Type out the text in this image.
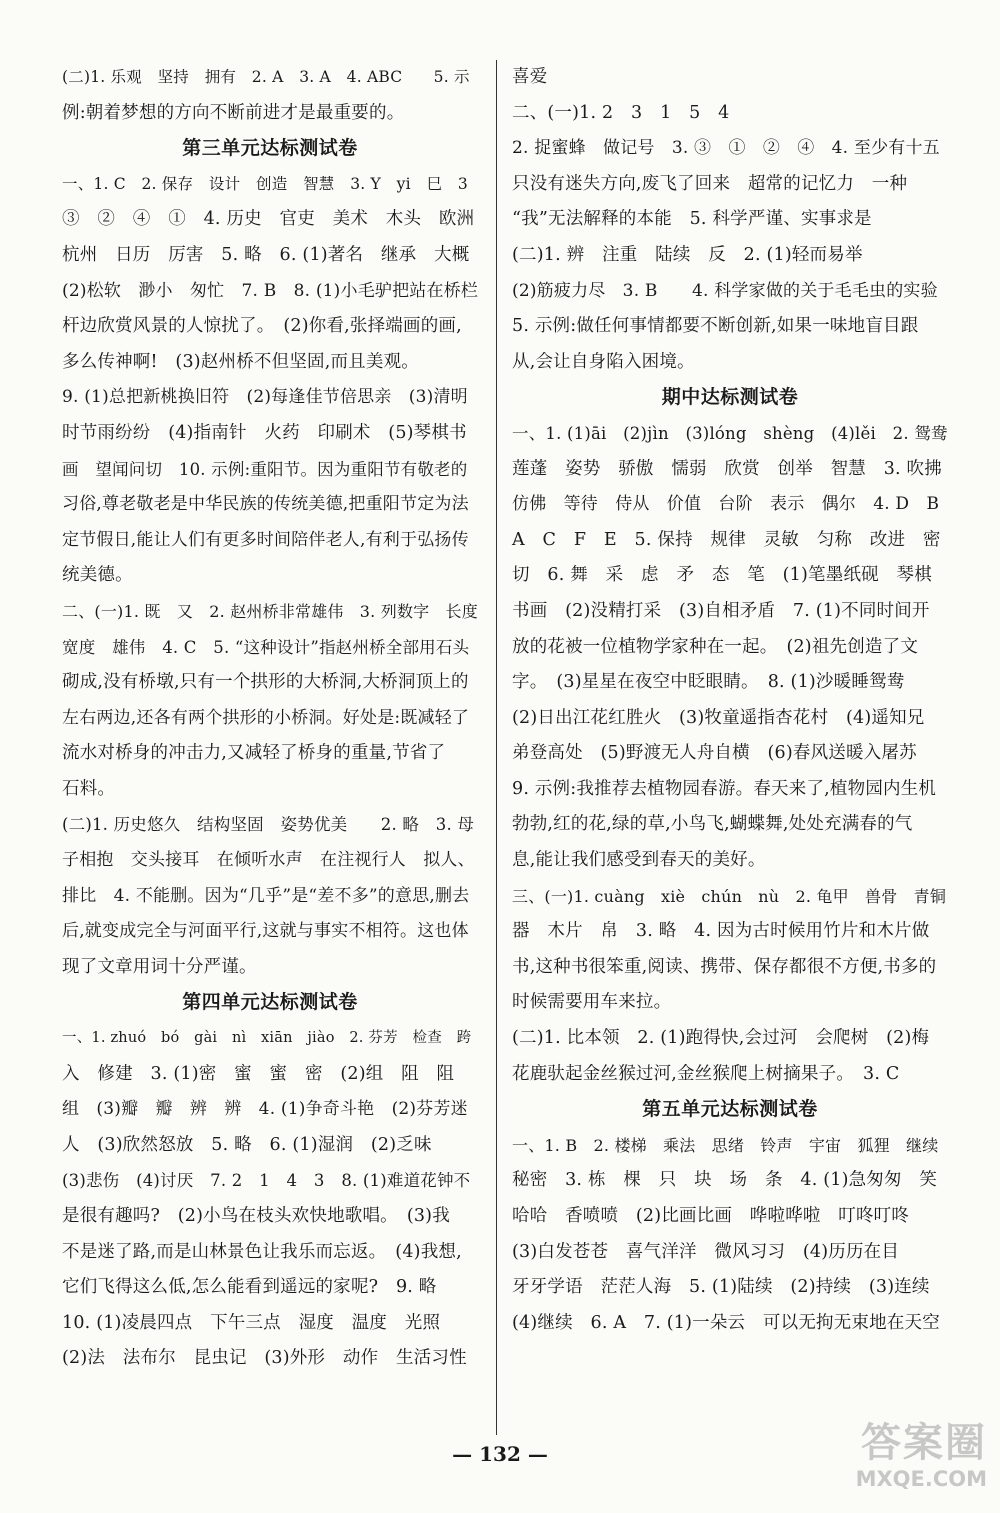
(二)1. 乐观　坚持　拥有　2. A　3. A　4. ABC　　5. 示
例:朝着梦想的方向不断前进才是最重要的。
第三单元达标测试卷
一、1. C　2. 保存　设计　创造　智慧　3. Y　yi　巳　3
③　②　④　①　4. 历史　官吏　美术　木头　欧洲
杭州　日历　厉害　5. 略　6. (1)著名　继承　大概
(2)松软　渺小　匆忙　7. B　8. (1)小毛驴把站在桥栏
杆边欣赏风景的人惊扰了。　(2)你看,张择端画的画,
多么传神啊!　(3)赵州桥不但坚固,而且美观。
9. (1)总把新桃换旧符　(2)每逢佳节倍思亲　(3)清明
时节雨纷纷　(4)指南针　火药　印刷术　(5)琴棋书
画　望闻问切　10. 示例:重阳节。因为重阳节有敬老的
习俗,尊老敬老是中华民族的传统美德,把重阳节定为法
定节假日,能让人们有更多时间陪伴老人,有利于弘扬传
统美德。
二、(一)1. 既　又　2. 赵州桥非常雄伟　3. 列数字　长度
宽度　雄伟　4. C　5. “这种设计”指赵州桥全部用石头
砌成,没有桥墩,只有一个拱形的大桥洞,大桥洞顶上的
左右两边,还各有两个拱形的小桥洞。好处是:既减轻了
流水对桥身的冲击力,又减轻了桥身的重量,节省了
石料。
(二)1. 历史悠久　结构坚固　姿势优美　　2. 略　3. 母
子相抱　交头接耳　在倾听水声　在注视行人　拟人、
排比　4. 不能删。因为“几乎”是“差不多”的意思,删去
后,就变成完全与河面平行,这就与事实不相符。这也体
现了文章用词十分严谨。
第四单元达标测试卷
一、1. zhuó　bó　gài　nì　xiān　jiào　2. 芬芳　检查　跨
入　修建　3. (1)密　蜜　蜜　密　(2)组　阻　阻
组　(3)瓣　瓣　辨　辨　4. (1)争奇斗艳　(2)芬芳迷
人　(3)欣然怒放　5. 略　6. (1)湿润　(2)乏味
(3)悲伤　(4)讨厌　7. 2　1　4　3　8. (1)难道花钟不
是很有趣吗?　(2)小鸟在枝头欢快地歌唱。　(3)我
不是迷了路,而是山林景色让我乐而忘返。　(4)我想,
它们飞得这么低,怎么能看到遥远的家呢?　9. 略
10. (1)凌晨四点　下午三点　湿度　温度　光照
(2)法　法布尔　昆虫记　(3)外形　动作　生活习性
喜爱
二、(一)1. 2　3　1　5　4
2. 捉蜜蜂　做记号　3. ③　①　②　④　4. 至少有十五
只没有迷失方向,废飞了回来　超常的记忆力　一种
“我”无法解释的本能　5. 科学严谨、实事求是
(二)1. 辨　注重　陆续　反　2. (1)轻而易举
(2)筋疲力尽　3. B　　4. 科学家做的关于毛毛虫的实验
5. 示例:做任何事情都要不断创新,如果一味地盲目跟
从,会让自身陷入困境。
期中达标测试卷
一、1. (1)āi　(2)jìn　(3)lóng　shèng　(4)lěi　2. 鸳鸯
莲蓬　姿势　骄傲　懦弱　欣赏　创举　智慧　3. 吹拂
仿佛　等待　侍从　价值　台阶　表示　偶尔　4. D　B
A　C　F　E　5. 保持　规律　灵敏　匀称　改进　密
切　6. 舞　采　虑　矛　态　笔　(1)笔墨纸砚　琴棋
书画　(2)没精打采　(3)自相矛盾　7. (1)不同时间开
放的花被一位植物学家种在一起。　(2)祖先创造了文
字。　(3)星星在夜空中眨眼睛。　8. (1)沙暖睡鸳鸯
(2)日出江花红胜火　(3)牧童遥指杏花村　(4)遥知兄
弟登高处　(5)野渡无人舟自横　(6)春风送暖入屠苏
9. 示例:我推荐去植物园春游。春天来了,植物园内生机
勃勃,红的花,绿的草,小鸟飞,蝴蝶舞,处处充满春的气
息,能让我们感受到春天的美好。
三、(一)1. cuàng　xiè　chún　nù　2. 龟甲　兽骨　青铜
器　木片　帛　3. 略　4. 因为古时候用竹片和木片做
书,这种书很笨重,阅读、携带、保存都很不方便,书多的
时候需要用车来拉。
(二)1. 比本领　2. (1)跑得快,会过河　会爬树　(2)梅
花鹿驮起金丝猴过河,金丝猴爬上树摘果子。　3. C
第五单元达标测试卷
一、1. B　2. 楼梯　乘法　思绪　铃声　宇宙　狐狸　继续
秘密　3. 栋　棵　只　块　场　条　4. (1)急匆匆　笑
哈哈　香喷喷　(2)比画比画　哗啦哗啦　叮咚叮咚
(3)白发苍苍　喜气洋洋　微风习习　(4)历历在目
牙牙学语　茫茫人海　5. (1)陆续　(2)持续　(3)连续
(4)继续　6. A　7. (1)一朵云　可以无拘无束地在天空
— 132 —	答案圈
MXQE.COM
